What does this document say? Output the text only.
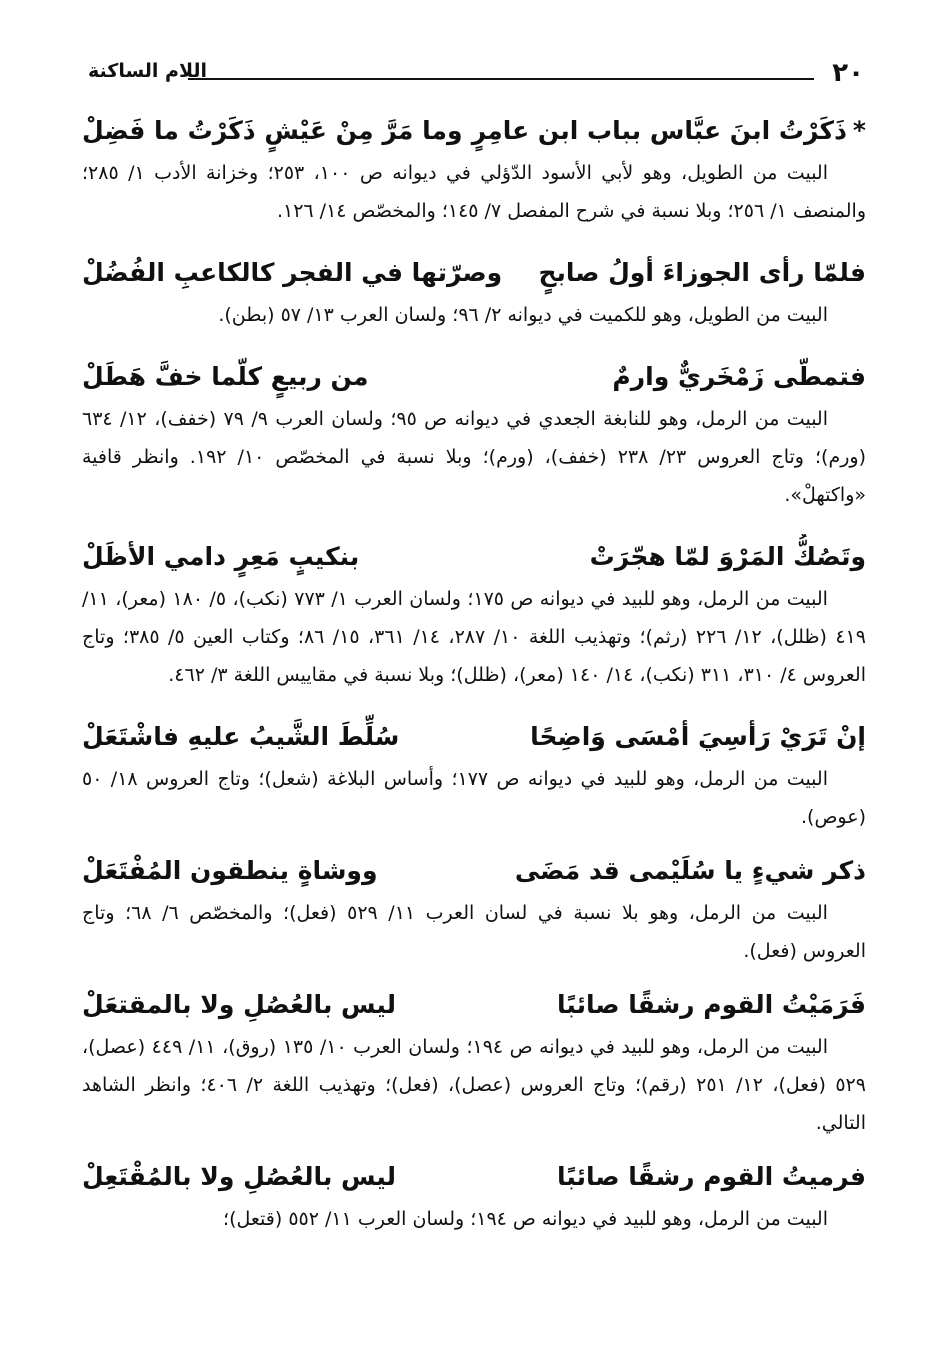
٢٠
اللام الساكنة
*ذَكَرْتُ ابنَ عبَّاس بباب ابن عامِرٍ
وما مَرَّ مِنْ عَيْشٍ ذَكَرْتُ ما فَضِلْ
البيت من الطويل، وهو لأبي الأسود الدّؤلي في ديوانه ص ١٠٠، ٢٥٣؛ وخزانة الأدب ١/ ٢٨٥؛ والمنصف ١/ ٢٥٦؛ وبلا نسبة في شرح المفصل ٧/ ١٤٥؛ والمخصّص ١٤/ ١٢٦.
فلمّا رأى الجوزاءَ أولُ صابحٍ
وصرّتها في الفجر كالكاعبِ الفُضُلْ
البيت من الطويل، وهو للكميت في ديوانه ٢/ ٩٦؛ ولسان العرب ١٣/ ٥٧ (بطن).
فتمطّى زَمْخَريٌّ وارمٌ
من ربيعٍ كلّما خفَّ هَطَلْ
البيت من الرمل، وهو للنابغة الجعدي في ديوانه ص ٩٥؛ ولسان العرب ٩/ ٧٩ (خفف)، ١٢/ ٦٣٤ (ورم)؛ وتاج العروس ٢٣/ ٢٣٨ (خفف)، (ورم)؛ وبلا نسبة في المخصّص ١٠/ ١٩٢. وانظر قافية «واكتهلْ».
وتَصُكُّ المَرْوَ لمّا هجّرَتْ
بنكيبٍ مَعِرٍ دامي الأظَلْ
البيت من الرمل، وهو للبيد في ديوانه ص ١٧٥؛ ولسان العرب ١/ ٧٧٣ (نكب)، ٥/ ١٨٠ (معر)، ١١/ ٤١٩ (ظلل)، ١٢/ ٢٢٦ (رثم)؛ وتهذيب اللغة ١٠/ ٢٨٧، ١٤/ ٣٦١، ١٥/ ٨٦؛ وكتاب العين ٥/ ٣٨٥؛ وتاج العروس ٤/ ٣١٠، ٣١١ (نكب)، ١٤/ ١٤٠ (معر)، (ظلل)؛ وبلا نسبة في مقاييس اللغة ٣/ ٤٦٢.
إنْ تَرَيْ رَأسِيَ أمْسَى وَاضِحًا
سُلِّطَ الشَّيبُ عليهِ فاشْتَعَلْ
البيت من الرمل، وهو للبيد في ديوانه ص ١٧٧؛ وأساس البلاغة (شعل)؛ وتاج العروس ١٨/ ٥٠ (عوص).
ذكر شيءٍ يا سُلَيْمى قد مَضَى
ووشاةٍ ينطقون المُفْتَعَلْ
البيت من الرمل، وهو بلا نسبة في لسان العرب ١١/ ٥٢٩ (فعل)؛ والمخصّص ٦/ ٦٨؛ وتاج العروس (فعل).
فَرَمَيْتُ القوم رشقًا صائبًا
ليس بالعُصُلِ ولا بالمقتعَلْ
البيت من الرمل، وهو للبيد في ديوانه ص ١٩٤؛ ولسان العرب ١٠/ ١٣٥ (روق)، ١١/ ٤٤٩ (عصل)، ٥٢٩ (فعل)، ١٢/ ٢٥١ (رقم)؛ وتاج العروس (عصل)، (فعل)؛ وتهذيب اللغة ٢/ ٤٠٦؛ وانظر الشاهد التالي.
فرميتُ القوم رشقًا صائبًا
ليس بالعُصُلِ ولا بالمُقْتَعِلْ
البيت من الرمل، وهو للبيد في ديوانه ص ١٩٤؛ ولسان العرب ١١/ ٥٥٢ (قتعل)؛
